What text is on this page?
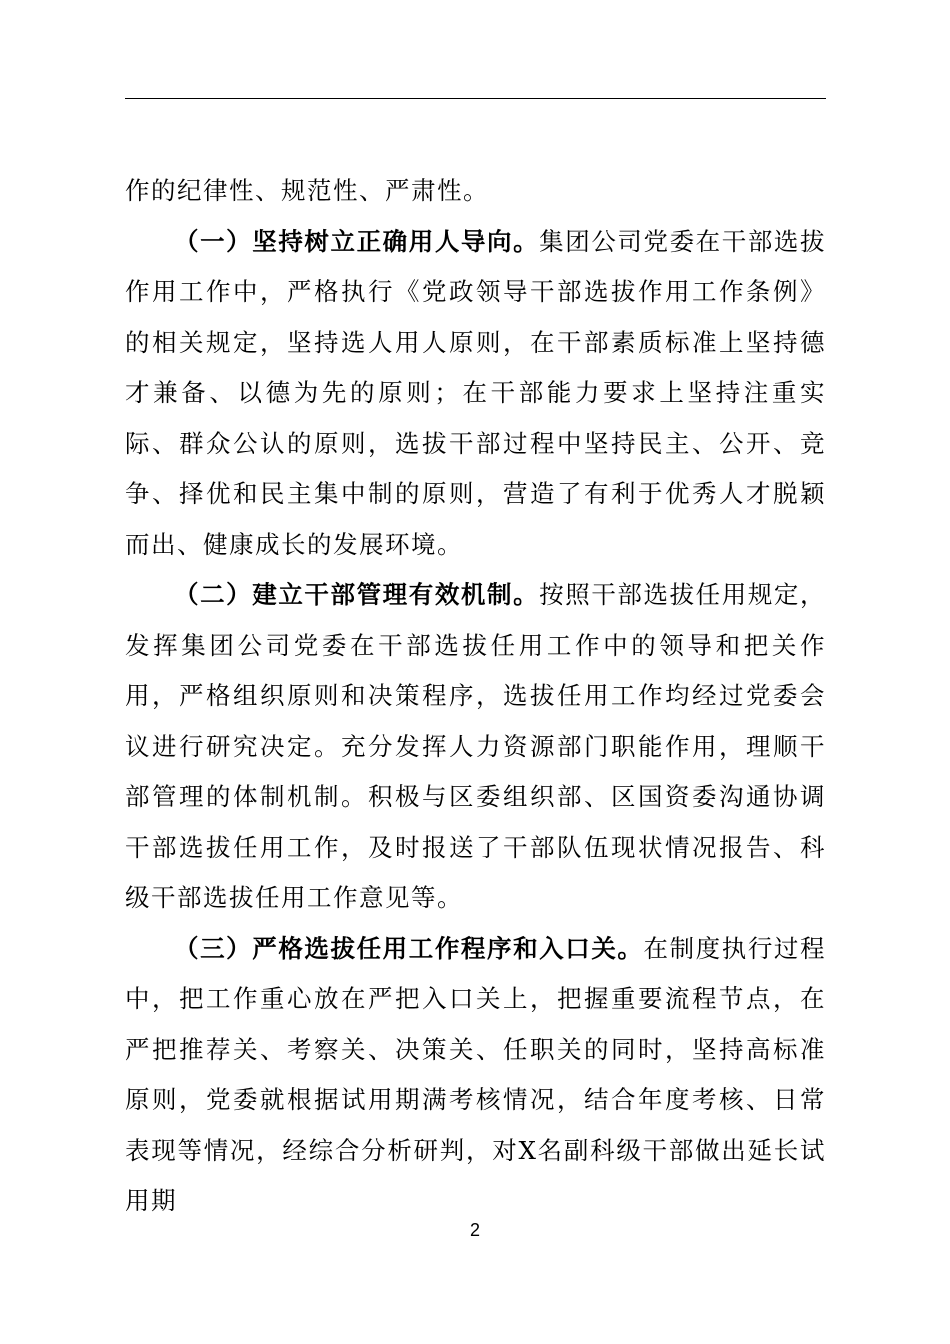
作的纪律性、规范性、严肃性。

（一）坚持树立正确用人导向。集团公司党委在干部选拔作用工作中，严格执行《党政领导干部选拔作用工作条例》的相关规定，坚持选人用人原则，在干部素质标准上坚持德才兼备、以德为先的原则；在干部能力要求上坚持注重实际、群众公认的原则，选拔干部过程中坚持民主、公开、竞争、择优和民主集中制的原则，营造了有利于优秀人才脱颖而出、健康成长的发展环境。

（二）建立干部管理有效机制。按照干部选拔任用规定，发挥集团公司党委在干部选拔任用工作中的领导和把关作用，严格组织原则和决策程序，选拔任用工作均经过党委会议进行研究决定。充分发挥人力资源部门职能作用，理顺干部管理的体制机制。积极与区委组织部、区国资委沟通协调干部选拔任用工作，及时报送了干部队伍现状情况报告、科级干部选拔任用工作意见等。

（三）严格选拔任用工作程序和入口关。在制度执行过程中，把工作重心放在严把入口关上，把握重要流程节点，在严把推荐关、考察关、决策关、任职关的同时，坚持高标准原则，党委就根据试用期满考核情况，结合年度考核、日常表现等情况，经综合分析研判，对X名副科级干部做出延长试用期

2
